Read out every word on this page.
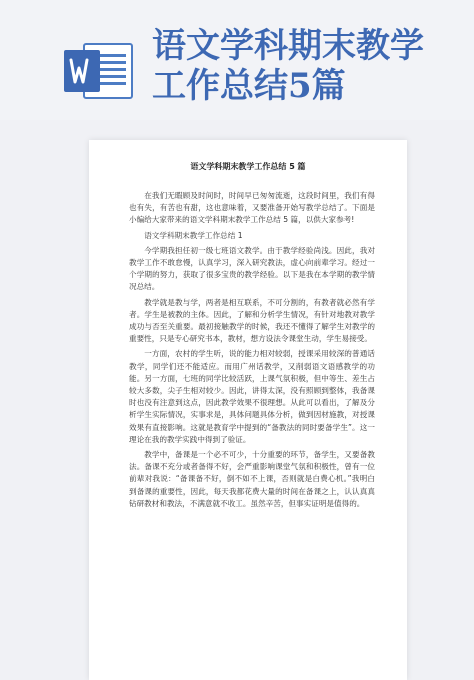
语文学科期末教学
工作总结5篇
语文学科期末教学工作总结 5 篇

在我们无暇顾及时间时，时间早已匆匆流逝，这段时间里，我们有得也有失，有苦也有甜，这也意味着，又要准备开始写教学总结了。下面是小编给大家带来的语文学科期末教学工作总结 5 篇，以供大家参考!

语文学科期末教学工作总结 1

今学期我担任初一级七班语文教学。由于教学经验尚浅。因此，我对教学工作不敢怠慢，认真学习，深入研究教法，虚心向前辈学习。经过一个学期的努力，获取了很多宝贵的教学经验。以下是我在本学期的教学情况总结。

教学就是教与学，两者是相互联系，不可分割的，有教者就必然有学者。学生是被教的主体。因此，了解和分析学生情况，有针对地教对教学成功与否至关重要。最初接触教学的时候，我还不懂得了解学生对教学的重要性，只是专心研究书本，教材，想方设法令课堂生动，学生易接受。

一方面，农村的学生听，说的能力相对较弱，授课采用较深的普通话教学，同学们还不能适应。而用广州话教学，又削弱语文语感教学的功能。另一方面，七班的同学比较活跃，上课气氛积极，但中等生、差生占较大多数，尖子生相对较少。因此，讲得太深，没有照顾到整体，我备课时也没有注意到这点，因此教学效果不很理想。从此可以看出，了解及分析学生实际情况，实事求是，具体问题具体分析，做到因材施教，对授课效果有直接影响。这就是教育学中提到的“备教法的同时要备学生”。这一理论在我的教学实践中得到了验证。

教学中，备课是一个必不可少，十分重要的环节，备学生，又要备教法。备课不充分或者备得不好，会严重影响课堂气氛和积极性，曾有一位前辈对我说：“备课备不好，倒不如不上课，否则就是白费心机。”我明白到备课的重要性，因此，每天我都花费大量的时间在备课之上，认认真真钻研教材和教法，不满意就不收工。虽然辛苦，但事实证明是值得的。
